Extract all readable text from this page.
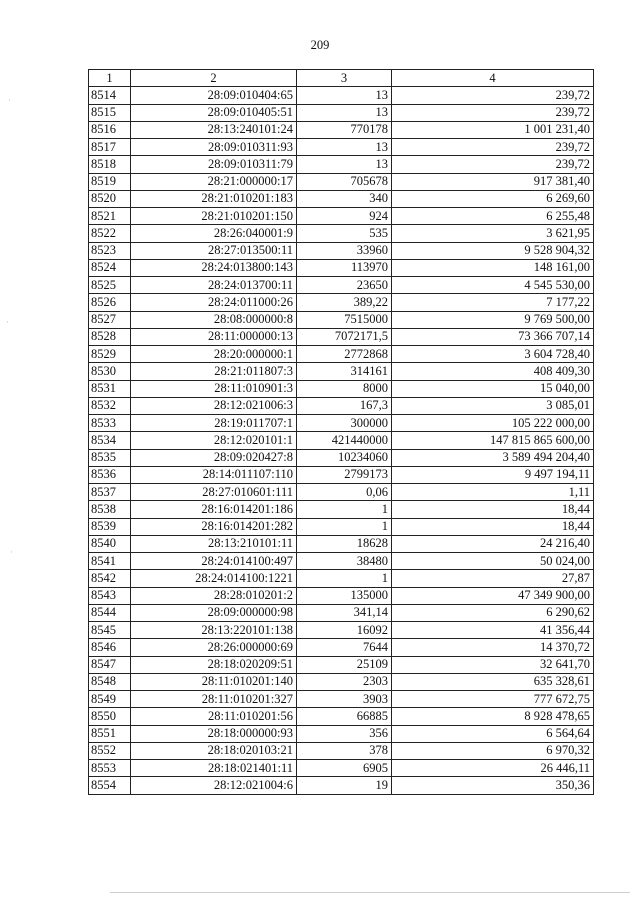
209
1	2	3	4
8514	28:09:010404:65	13	239,72
8515	28:09:010405:51	13	239,72
8516	28:13:240101:24	770178	1 001 231,40
8517	28:09:010311:93	13	239,72
8518	28:09:010311:79	13	239,72
8519	28:21:000000:17	705678	917 381,40
8520	28:21:010201:183	340	6 269,60
8521	28:21:010201:150	924	6 255,48
8522	28:26:040001:9	535	3 621,95
8523	28:27:013500:11	33960	9 528 904,32
8524	28:24:013800:143	113970	148 161,00
8525	28:24:013700:11	23650	4 545 530,00
8526	28:24:011000:26	389,22	7 177,22
8527	28:08:000000:8	7515000	9 769 500,00
8528	28:11:000000:13	7072171,5	73 366 707,14
8529	28:20:000000:1	2772868	3 604 728,40
8530	28:21:011807:3	314161	408 409,30
8531	28:11:010901:3	8000	15 040,00
8532	28:12:021006:3	167,3	3 085,01
8533	28:19:011707:1	300000	105 222 000,00
8534	28:12:020101:1	421440000	147 815 865 600,00
8535	28:09:020427:8	10234060	3 589 494 204,40
8536	28:14:011107:110	2799173	9 497 194,11
8537	28:27:010601:111	0,06	1,11
8538	28:16:014201:186	1	18,44
8539	28:16:014201:282	1	18,44
8540	28:13:210101:11	18628	24 216,40
8541	28:24:014100:497	38480	50 024,00
8542	28:24:014100:1221	1	27,87
8543	28:28:010201:2	135000	47 349 900,00
8544	28:09:000000:98	341,14	6 290,62
8545	28:13:220101:138	16092	41 356,44
8546	28:26:000000:69	7644	14 370,72
8547	28:18:020209:51	25109	32 641,70
8548	28:11:010201:140	2303	635 328,61
8549	28:11:010201:327	3903	777 672,75
8550	28:11:010201:56	66885	8 928 478,65
8551	28:18:000000:93	356	6 564,64
8552	28:18:020103:21	378	6 970,32
8553	28:18:021401:11	6905	26 446,11
8554	28:12:021004:6	19	350,36
·
·
·
